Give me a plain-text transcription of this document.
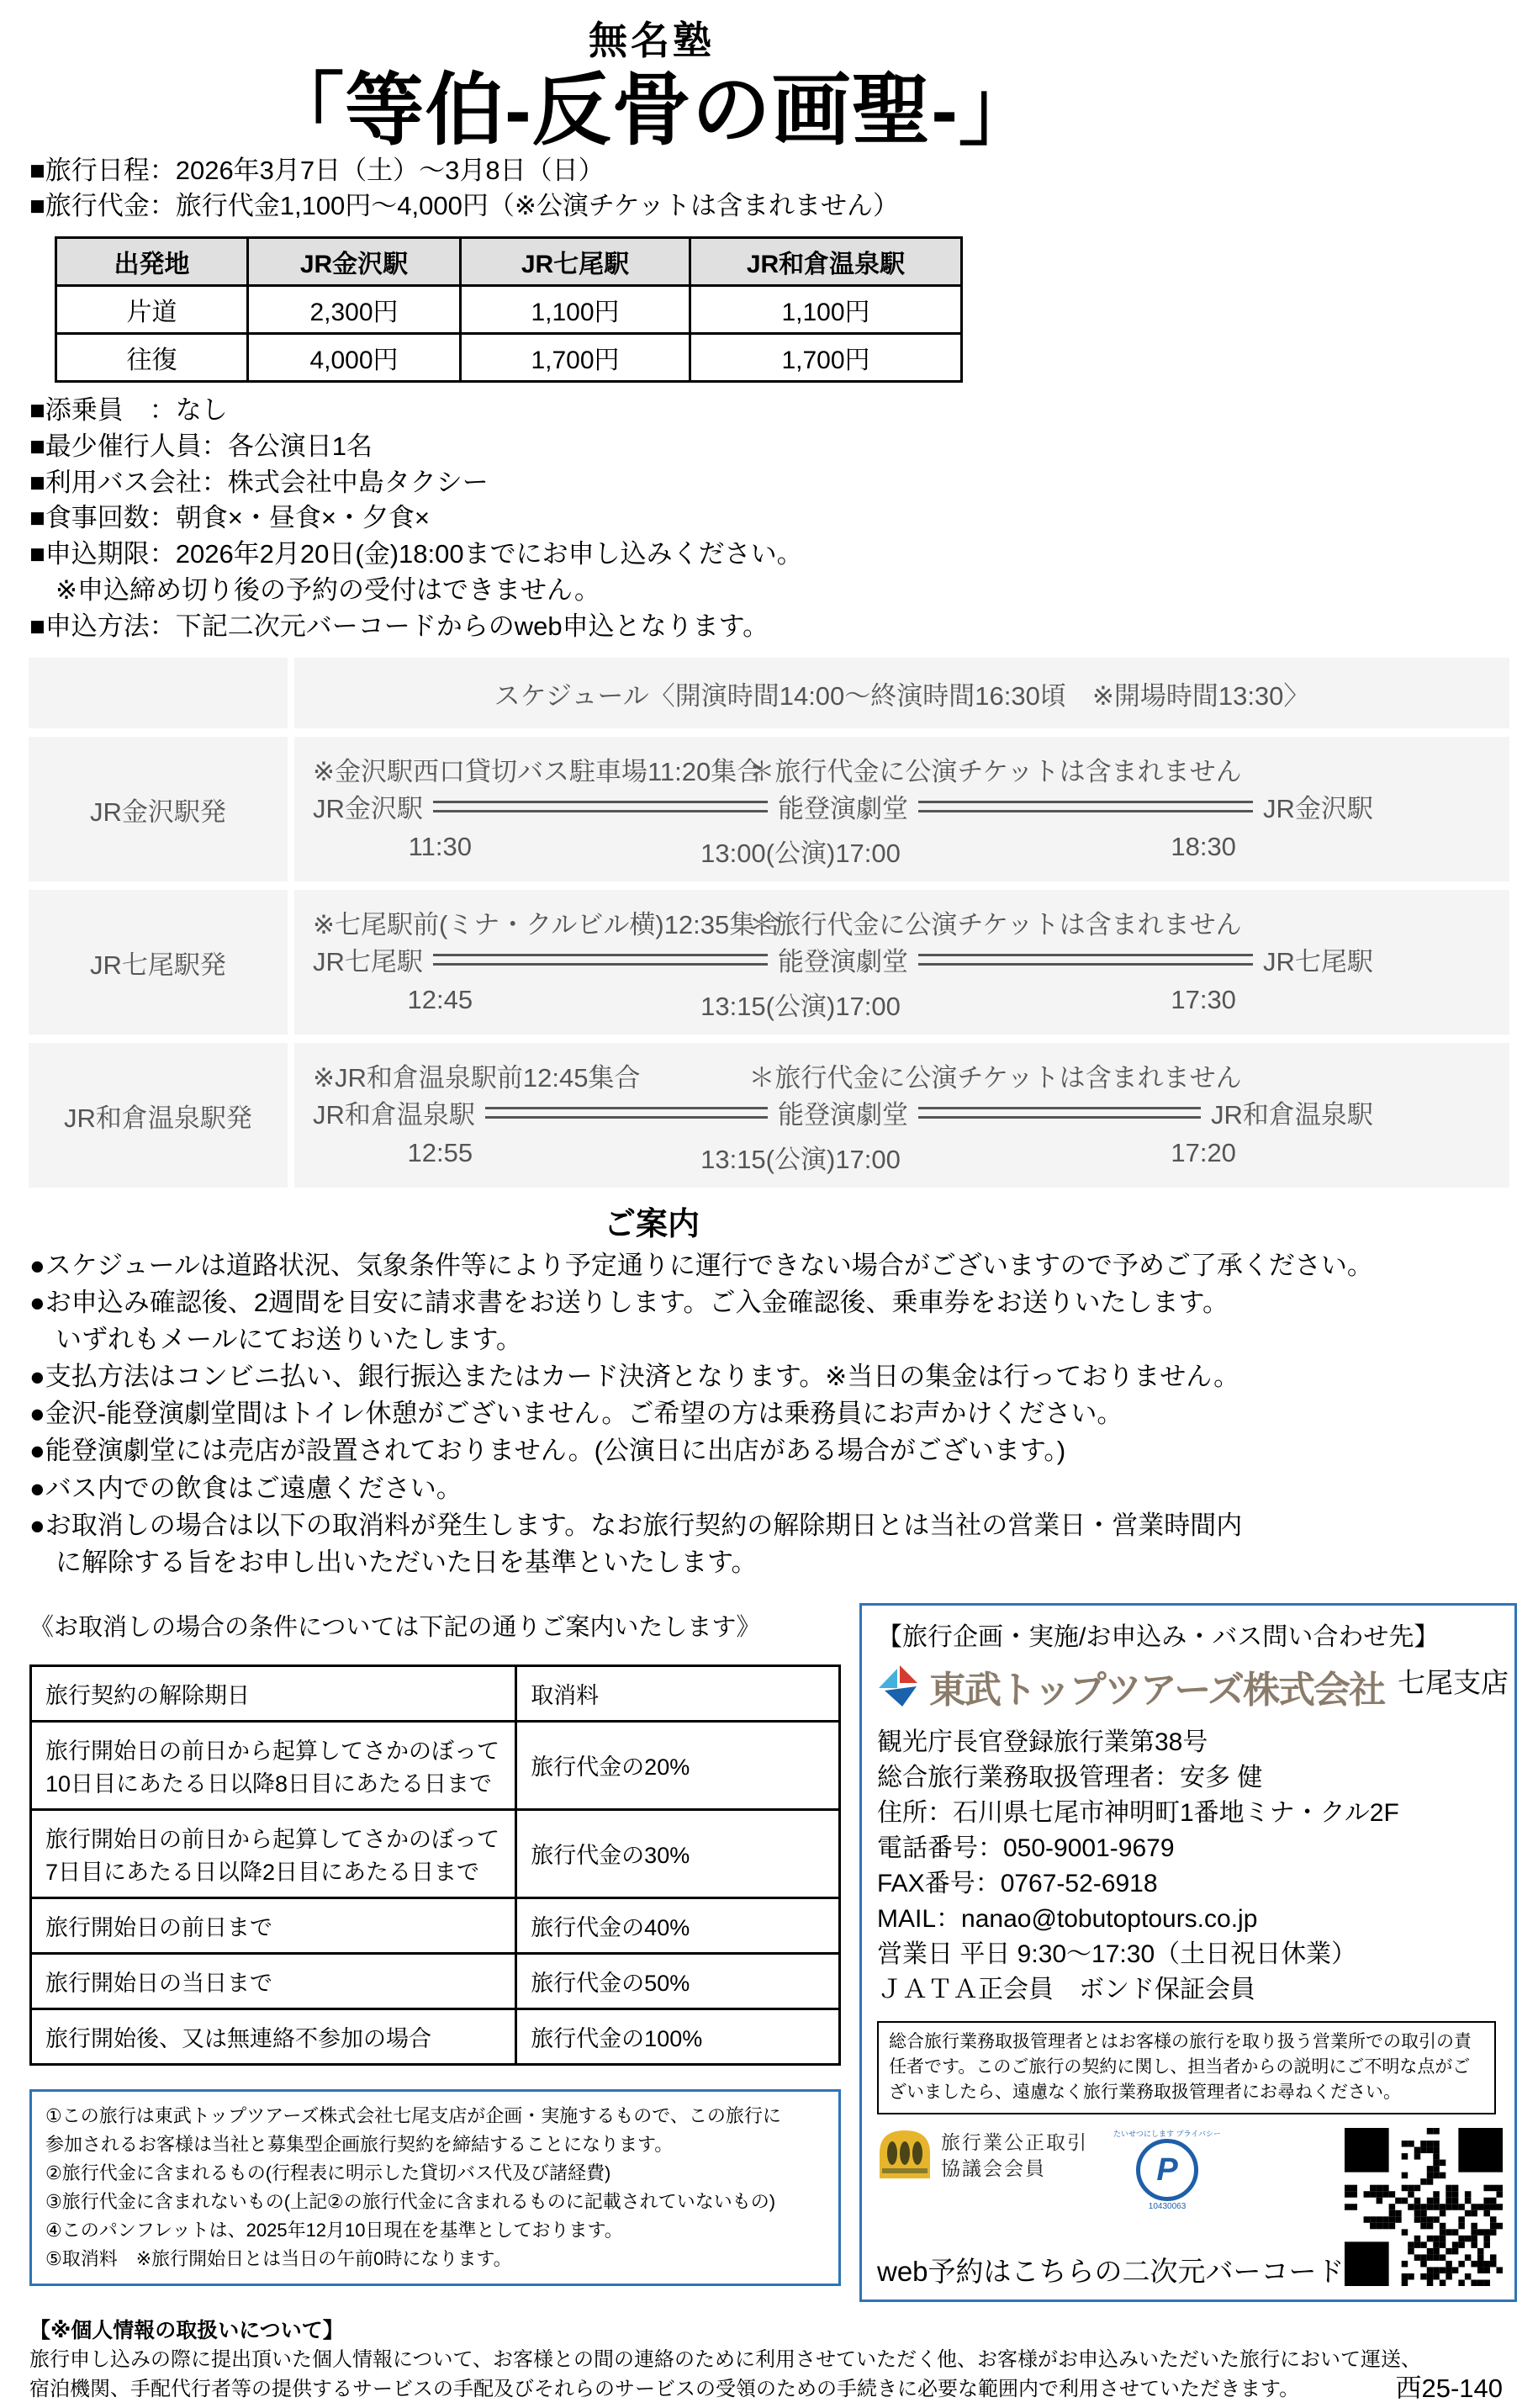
無名塾
「等伯-反骨の画聖-」
■旅行日程：2026年3月7日（土）～3月8日（日）
■旅行代金：旅行代金1,100円～4,000円（※公演チケットは含まれません）
出発地	JR金沢駅	JR七尾駅	JR和倉温泉駅
片道	2,300円	1,100円	1,100円
往復	4,000円	1,700円	1,700円
■添乗員　：なし
■最少催行人員：各公演日1名
■利用バス会社：株式会社中島タクシー
■食事回数：朝食×・昼食×・夕食×
■申込期限：2026年2月20日(金)18:00までにお申し込みください。
　※申込締め切り後の予約の受付はできません。
■申込方法：下記二次元バーコードからのweb申込となります。
スケジュール〈開演時間14:00～終演時間16:30頃　※開場時間13:30〉
JR金沢駅発
※金沢駅西口貸切バス駐車場11:20集合
＊旅行代金に公演チケットは含まれません
JR金沢駅	能登演劇堂	JR金沢駅
11:30	13:00(公演)17:00	18:30
JR七尾駅発
※七尾駅前(ミナ・クルビル横)12:35集合
＊旅行代金に公演チケットは含まれません
JR七尾駅	能登演劇堂	JR七尾駅
12:45	13:15(公演)17:00	17:30
JR和倉温泉駅発
※JR和倉温泉駅前12:45集合	＊旅行代金に公演チケットは含まれません
JR和倉温泉駅	能登演劇堂	JR和倉温泉駅
12:55	13:15(公演)17:00	17:20
ご案内
●スケジュールは道路状況、気象条件等により予定通りに運行できない場合がございますので予めご了承ください。
●お申込み確認後、2週間を目安に請求書をお送りします。ご入金確認後、乗車券をお送りいたします。
　いずれもメールにてお送りいたします。
●支払方法はコンビニ払い、銀行振込またはカード決済となります。※当日の集金は行っておりません。
●金沢-能登演劇堂間はトイレ休憩がございません。ご希望の方は乗務員にお声かけください。
●能登演劇堂には売店が設置されておりません。(公演日に出店がある場合がございます。)
●バス内での飲食はご遠慮ください。
●お取消しの場合は以下の取消料が発生します。なお旅行契約の解除期日とは当社の営業日・営業時間内
　に解除する旨をお申し出いただいた日を基準といたします。
《お取消しの場合の条件については下記の通りご案内いたします》
旅行契約の解除期日	取消料
旅行開始日の前日から起算してさかのぼって10日目にあたる日以降8日目にあたる日まで	旅行代金の20%
旅行開始日の前日から起算してさかのぼって7日目にあたる日以降2日目にあたる日まで	旅行代金の30%
旅行開始日の前日まで	旅行代金の40%
旅行開始日の当日まで	旅行代金の50%
旅行開始後、又は無連絡不参加の場合	旅行代金の100%
①この旅行は東武トップツアーズ株式会社七尾支店が企画・実施するもので、この旅行に
参加されるお客様は当社と募集型企画旅行契約を締結することになります。
②旅行代金に含まれるもの(行程表に明示した貸切バス代及び諸経費)
③旅行代金に含まれないもの(上記②の旅行代金に含まれるものに記載されていないもの)
④このパンフレットは、2025年12月10日現在を基準としております。
⑤取消料　※旅行開始日とは当日の午前0時になります。
【旅行企画・実施/お申込み・バス問い合わせ先】
東武トップツアーズ株式会社 七尾支店
観光庁長官登録旅行業第38号
総合旅行業務取扱管理者：安多 健
住所：石川県七尾市神明町1番地ミナ・クル2F
電話番号：050-9001-9679
FAX番号：0767-52-6918
MAIL：nanao@tobutoptours.co.jp
営業日 平日 9:30～17:30（土日祝日休業）
ＪＡＴＡ正会員　ボンド保証会員
総合旅行業務取扱管理者とはお客様の旅行を取り扱う営業所での取引の責任者です。このご旅行の契約に関し、担当者からの説明にご不明な点がございましたら、遠慮なく旅行業務取扱管理者にお尋ねください。
旅行業公正取引
協議会会員
たいせつにします プライバシー
P
10430063
web予約はこちらの二次元バーコード
【※個人情報の取扱いについて】
旅行申し込みの際に提出頂いた個人情報について、お客様との間の連絡のために利用させていただく他、お客様がお申込みいただいた旅行において運送、
宿泊機関、手配代行者等の提供するサービスの手配及びそれらのサービスの受領のための手続きに必要な範囲内で利用させていただきます。	西25-140
